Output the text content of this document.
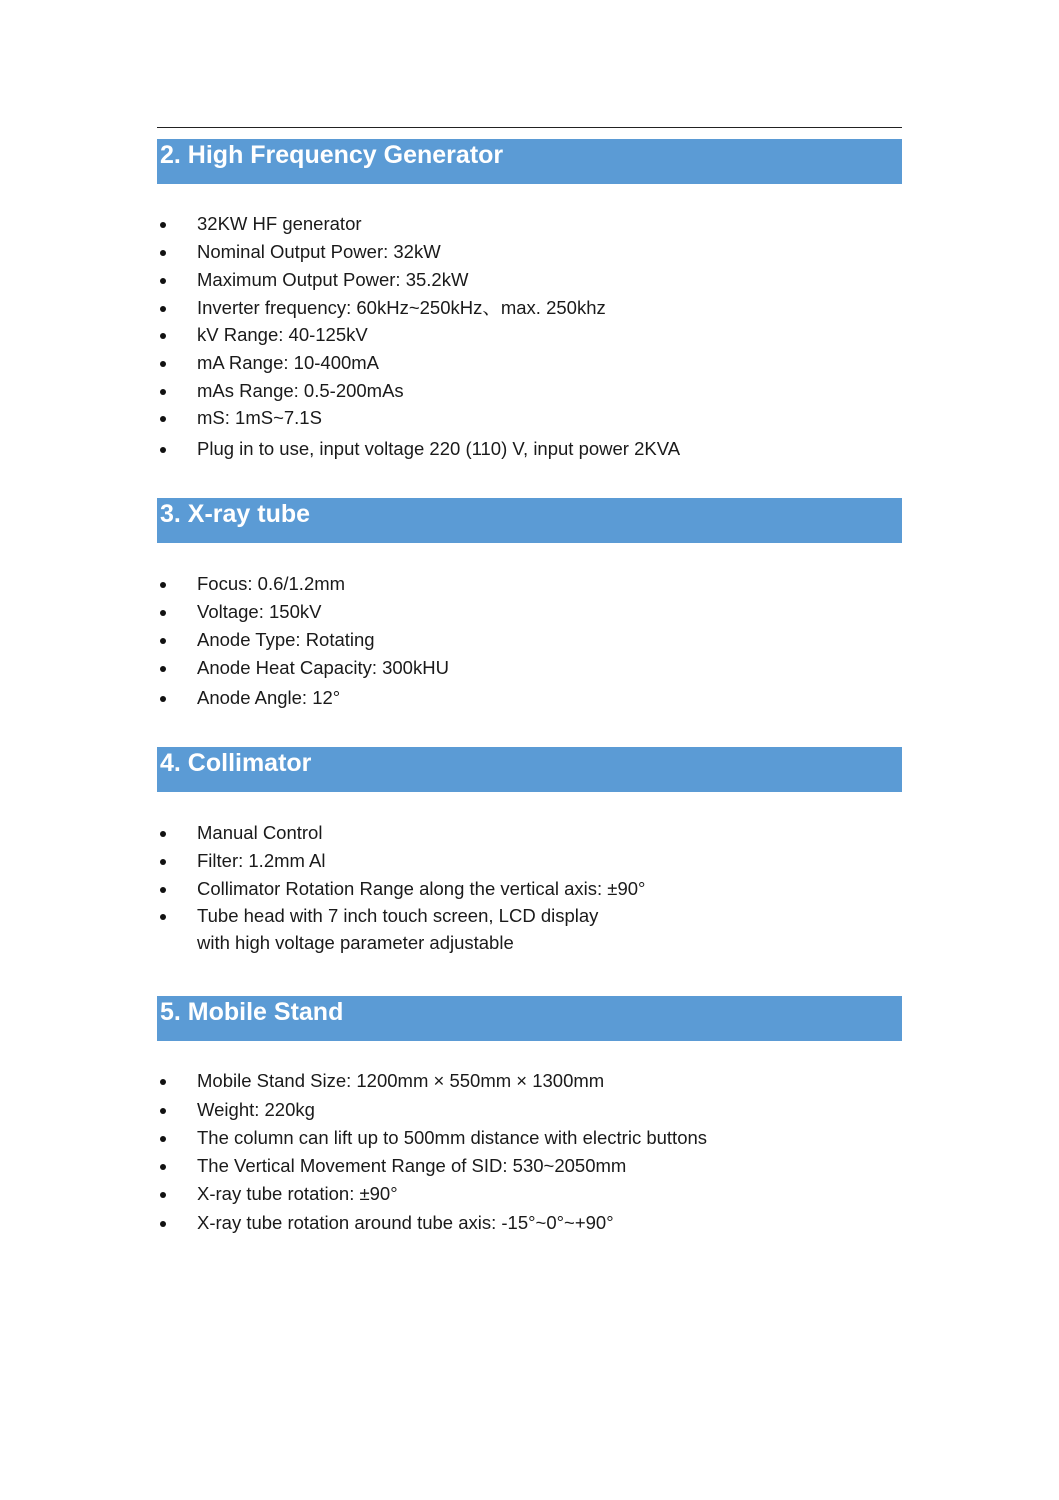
2. High Frequency Generator
32KW HF generator
Nominal Output Power: 32kW
Maximum Output Power: 35.2kW
Inverter frequency: 60kHz~250kHz、max. 250khz
kV Range: 40-125kV
mA Range: 10-400mA
mAs Range: 0.5-200mAs
mS: 1mS~7.1S
Plug in to use, input voltage 220 (110) V, input power 2KVA
3. X-ray tube
Focus: 0.6/1.2mm
Voltage: 150kV
Anode Type: Rotating
Anode Heat Capacity: 300kHU
Anode Angle: 12°
4. Collimator
Manual Control
Filter: 1.2mm Al
Collimator Rotation Range along the vertical axis: ±90°
Tube head with 7 inch touch screen, LCD display
with high voltage parameter adjustable
5. Mobile Stand
Mobile Stand Size: 1200mm × 550mm × 1300mm
Weight: 220kg
The column can lift up to 500mm distance with electric buttons
The Vertical Movement Range of SID: 530~2050mm
X-ray tube rotation: ±90°
X-ray tube rotation around tube axis: -15°~0°~+90°
